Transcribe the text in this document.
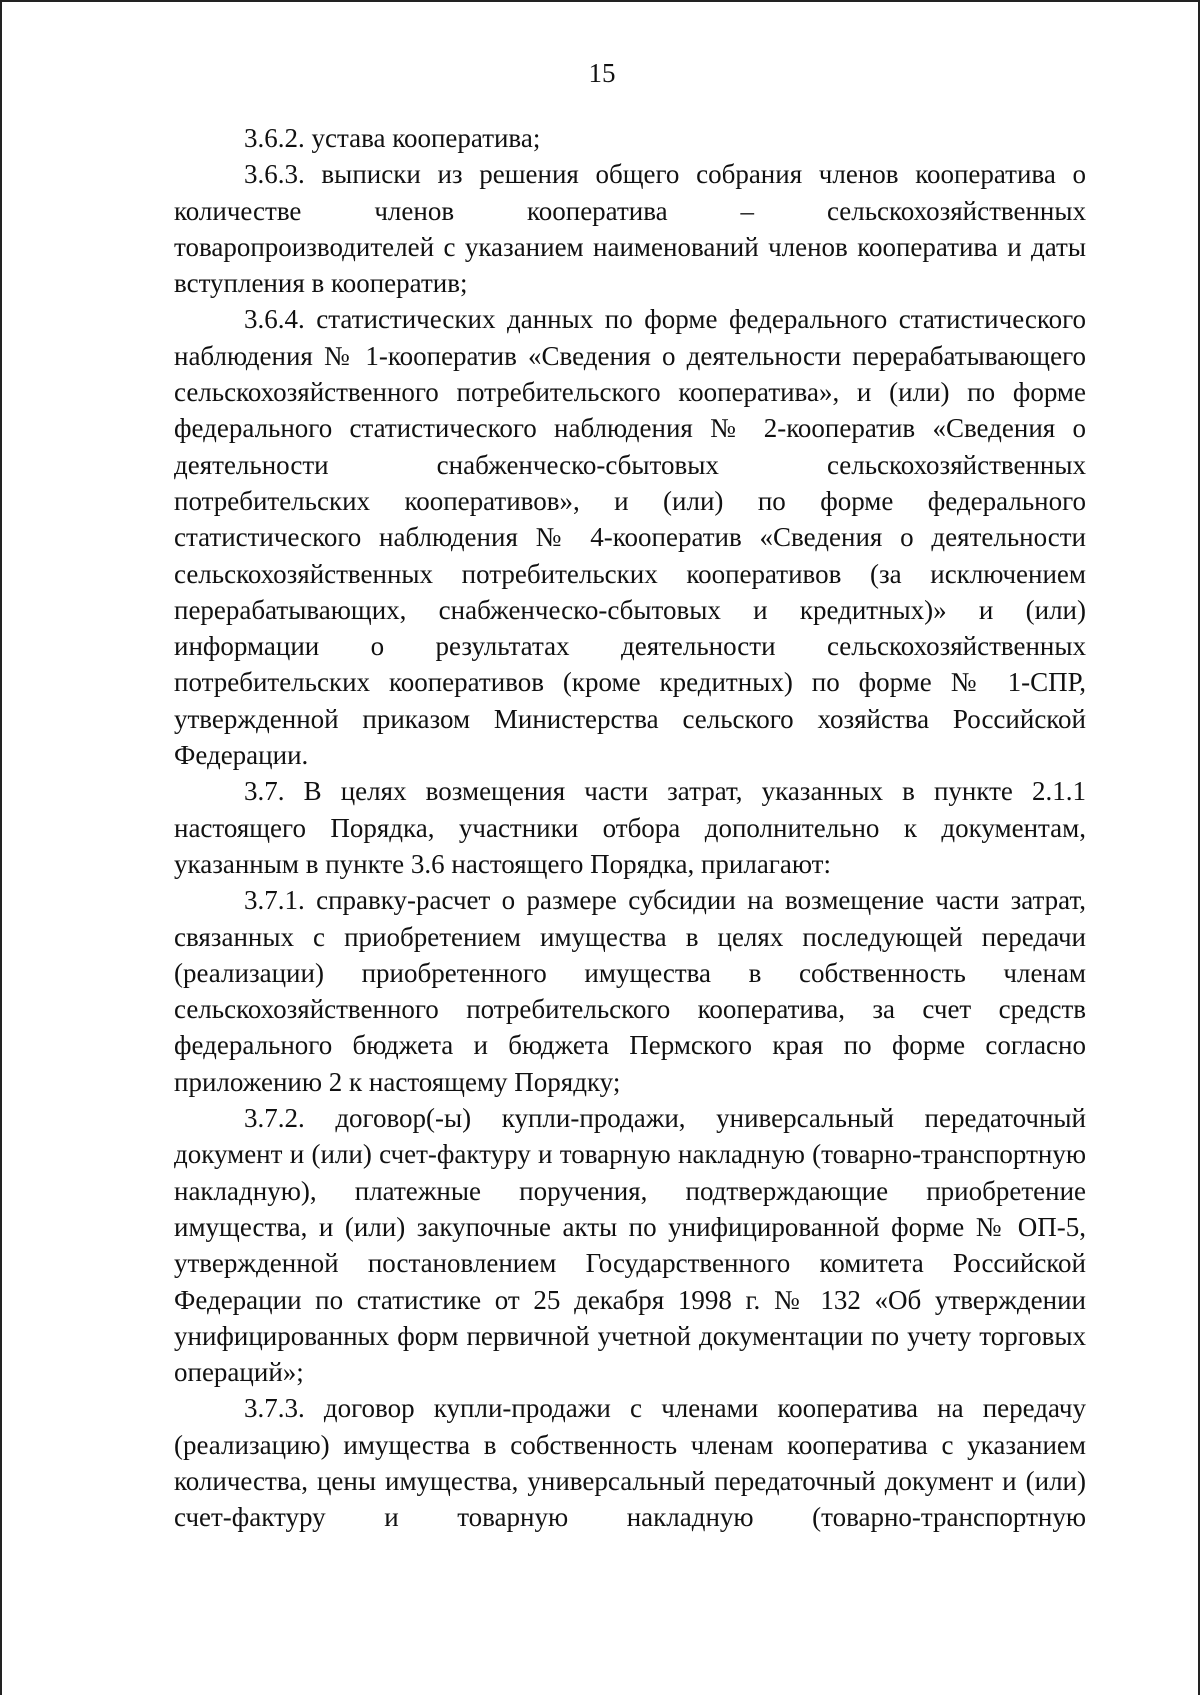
15

3.6.2. устава кооператива;

3.6.3. выписки из решения общего собрания членов кооператива о количестве членов кооператива – сельскохозяйственных товаропроизводителей с указанием наименований членов кооператива и даты вступления в кооператив;

3.6.4. статистических данных по форме федерального статистического наблюдения № 1-кооператив «Сведения о деятельности перерабатывающего сельскохозяйственного потребительского кооператива», и (или) по форме федерального статистического наблюдения № 2-кооператив «Сведения о деятельности снабженческо-сбытовых сельскохозяйственных потребительских кооперативов», и (или) по форме федерального статистического наблюдения № 4-кооператив «Сведения о деятельности сельскохозяйственных потребительских кооперативов (за исключением перерабатывающих, снабженческо-сбытовых и кредитных)» и (или) информации о результатах деятельности сельскохозяйственных потребительских кооперативов (кроме кредитных) по форме № 1-СПР, утвержденной приказом Министерства сельского хозяйства Российской Федерации.

3.7. В целях возмещения части затрат, указанных в пункте 2.1.1 настоящего Порядка, участники отбора дополнительно к документам, указанным в пункте 3.6 настоящего Порядка, прилагают:

3.7.1. справку-расчет о размере субсидии на возмещение части затрат, связанных с приобретением имущества в целях последующей передачи (реализации) приобретенного имущества в собственность членам сельскохозяйственного потребительского кооператива, за счет средств федерального бюджета и бюджета Пермского края по форме согласно приложению 2 к настоящему Порядку;

3.7.2. договор(-ы) купли-продажи, универсальный передаточный документ и (или) счет-фактуру и товарную накладную (товарно-транспортную накладную), платежные поручения, подтверждающие приобретение имущества, и (или) закупочные акты по унифицированной форме № ОП-5, утвержденной постановлением Государственного комитета Российской Федерации по статистике от 25 декабря 1998 г. № 132 «Об утверждении унифицированных форм первичной учетной документации по учету торговых операций»;

3.7.3. договор купли-продажи с членами кооператива на передачу (реализацию) имущества в собственность членам кооператива с указанием количества, цены имущества, универсальный передаточный документ и (или) счет-фактуру и товарную накладную (товарно-транспортную
